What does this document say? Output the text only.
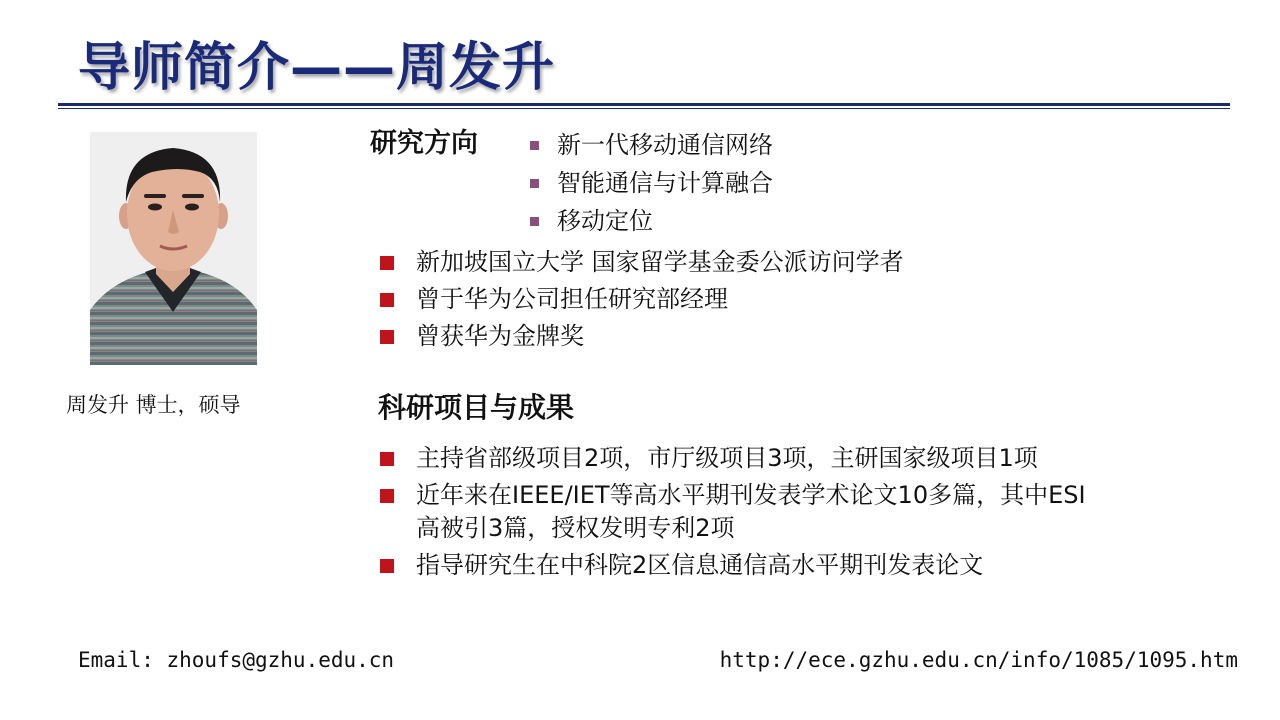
导师简介——周发升
周发升 博士，硕导
研究方向	新一代移动通信网络
智能通信与计算融合
移动定位
新加坡国立大学 国家留学基金委公派访问学者
曾于华为公司担任研究部经理
曾获华为金牌奖
科研项目与成果
主持省部级项目2项，市厅级项目3项，主研国家级项目1项
近年来在IEEE/IET等高水平期刊发表学术论文10多篇，其中ESI
高被引3篇，授权发明专利2项
指导研究生在中科院2区信息通信高水平期刊发表论文
Email: zhoufs@gzhu.edu.cn	http://ece.gzhu.edu.cn/info/1085/1095.htm
